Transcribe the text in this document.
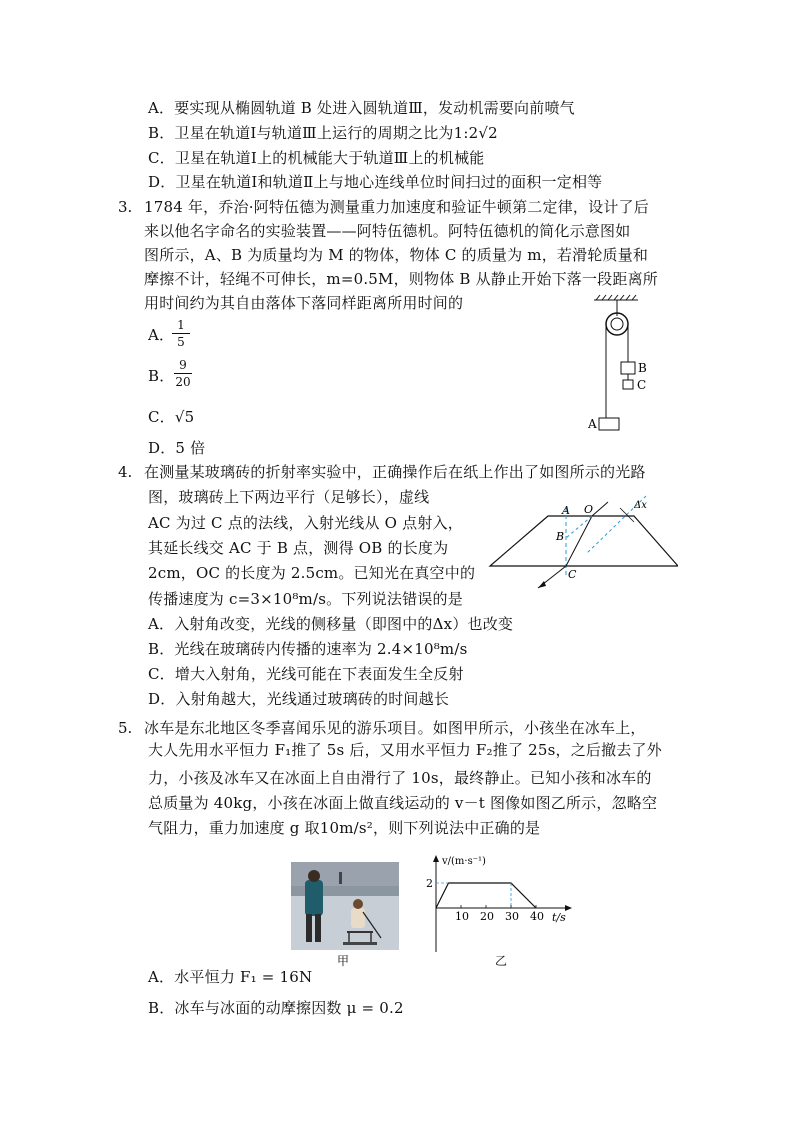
A．要实现从椭圆轨道 B 处进入圆轨道Ⅲ，发动机需要向前喷气
B．卫星在轨道Ⅰ与轨道Ⅲ上运行的周期之比为1:2√2
C．卫星在轨道Ⅰ上的机械能大于轨道Ⅲ上的机械能
D．卫星在轨道Ⅰ和轨道Ⅱ上与地心连线单位时间扫过的面积一定相等
3. 1784 年，乔治·阿特伍德为测量重力加速度和验证牛顿第二定律，设计了后
来以他名字命名的实验装置——阿特伍德机。阿特伍德机的简化示意图如
图所示，A、B 为质量均为 M 的物体，物体 C 的质量为 m，若滑轮质量和
摩擦不计，轻绳不可伸长，m=0.5M，则物体 B 从静止开始下落一段距离所
用时间约为其自由落体下落同样距离所用时间的
A．
1
5
B．
9
20
C．√5
D．5 倍
B
C
A
4. 在测量某玻璃砖的折射率实验中，正确操作后在纸上作出了如图所示的光路
图，玻璃砖上下两边平行（足够长），虚线
AC 为过 C 点的法线，入射光线从 O 点射入，
其延长线交 AC 于 B 点，测得 OB 的长度为
2cm，OC 的长度为 2.5cm。已知光在真空中的
传播速度为 c=3×10⁸m/s。下列说法错误的是
A．入射角改变，光线的侧移量（即图中的Δx）也改变
B．光线在玻璃砖内传播的速率为 2.4×10⁸m/s
C．增大入射角，光线可能在下表面发生全反射
D．入射角越大，光线通过玻璃砖的时间越长
A O
B
C
Δx
5. 冰车是东北地区冬季喜闻乐见的游乐项目。如图甲所示，小孩坐在冰车上，
大人先用水平恒力 F₁推了 5s 后，又用水平恒力 F₂推了 25s，之后撤去了外
力，小孩及冰车又在冰面上自由滑行了 10s，最终静止。已知小孩和冰车的
总质量为 40kg，小孩在冰面上做直线运动的 v－t 图像如图乙所示，忽略空
气阻力，重力加速度 g 取10m/s²，则下列说法中正确的是
甲
v/(m·s⁻¹)
t/s
10 20 30 40
2
乙
A．水平恒力 F₁ = 16N
B．冰车与冰面的动摩擦因数 μ = 0.2
